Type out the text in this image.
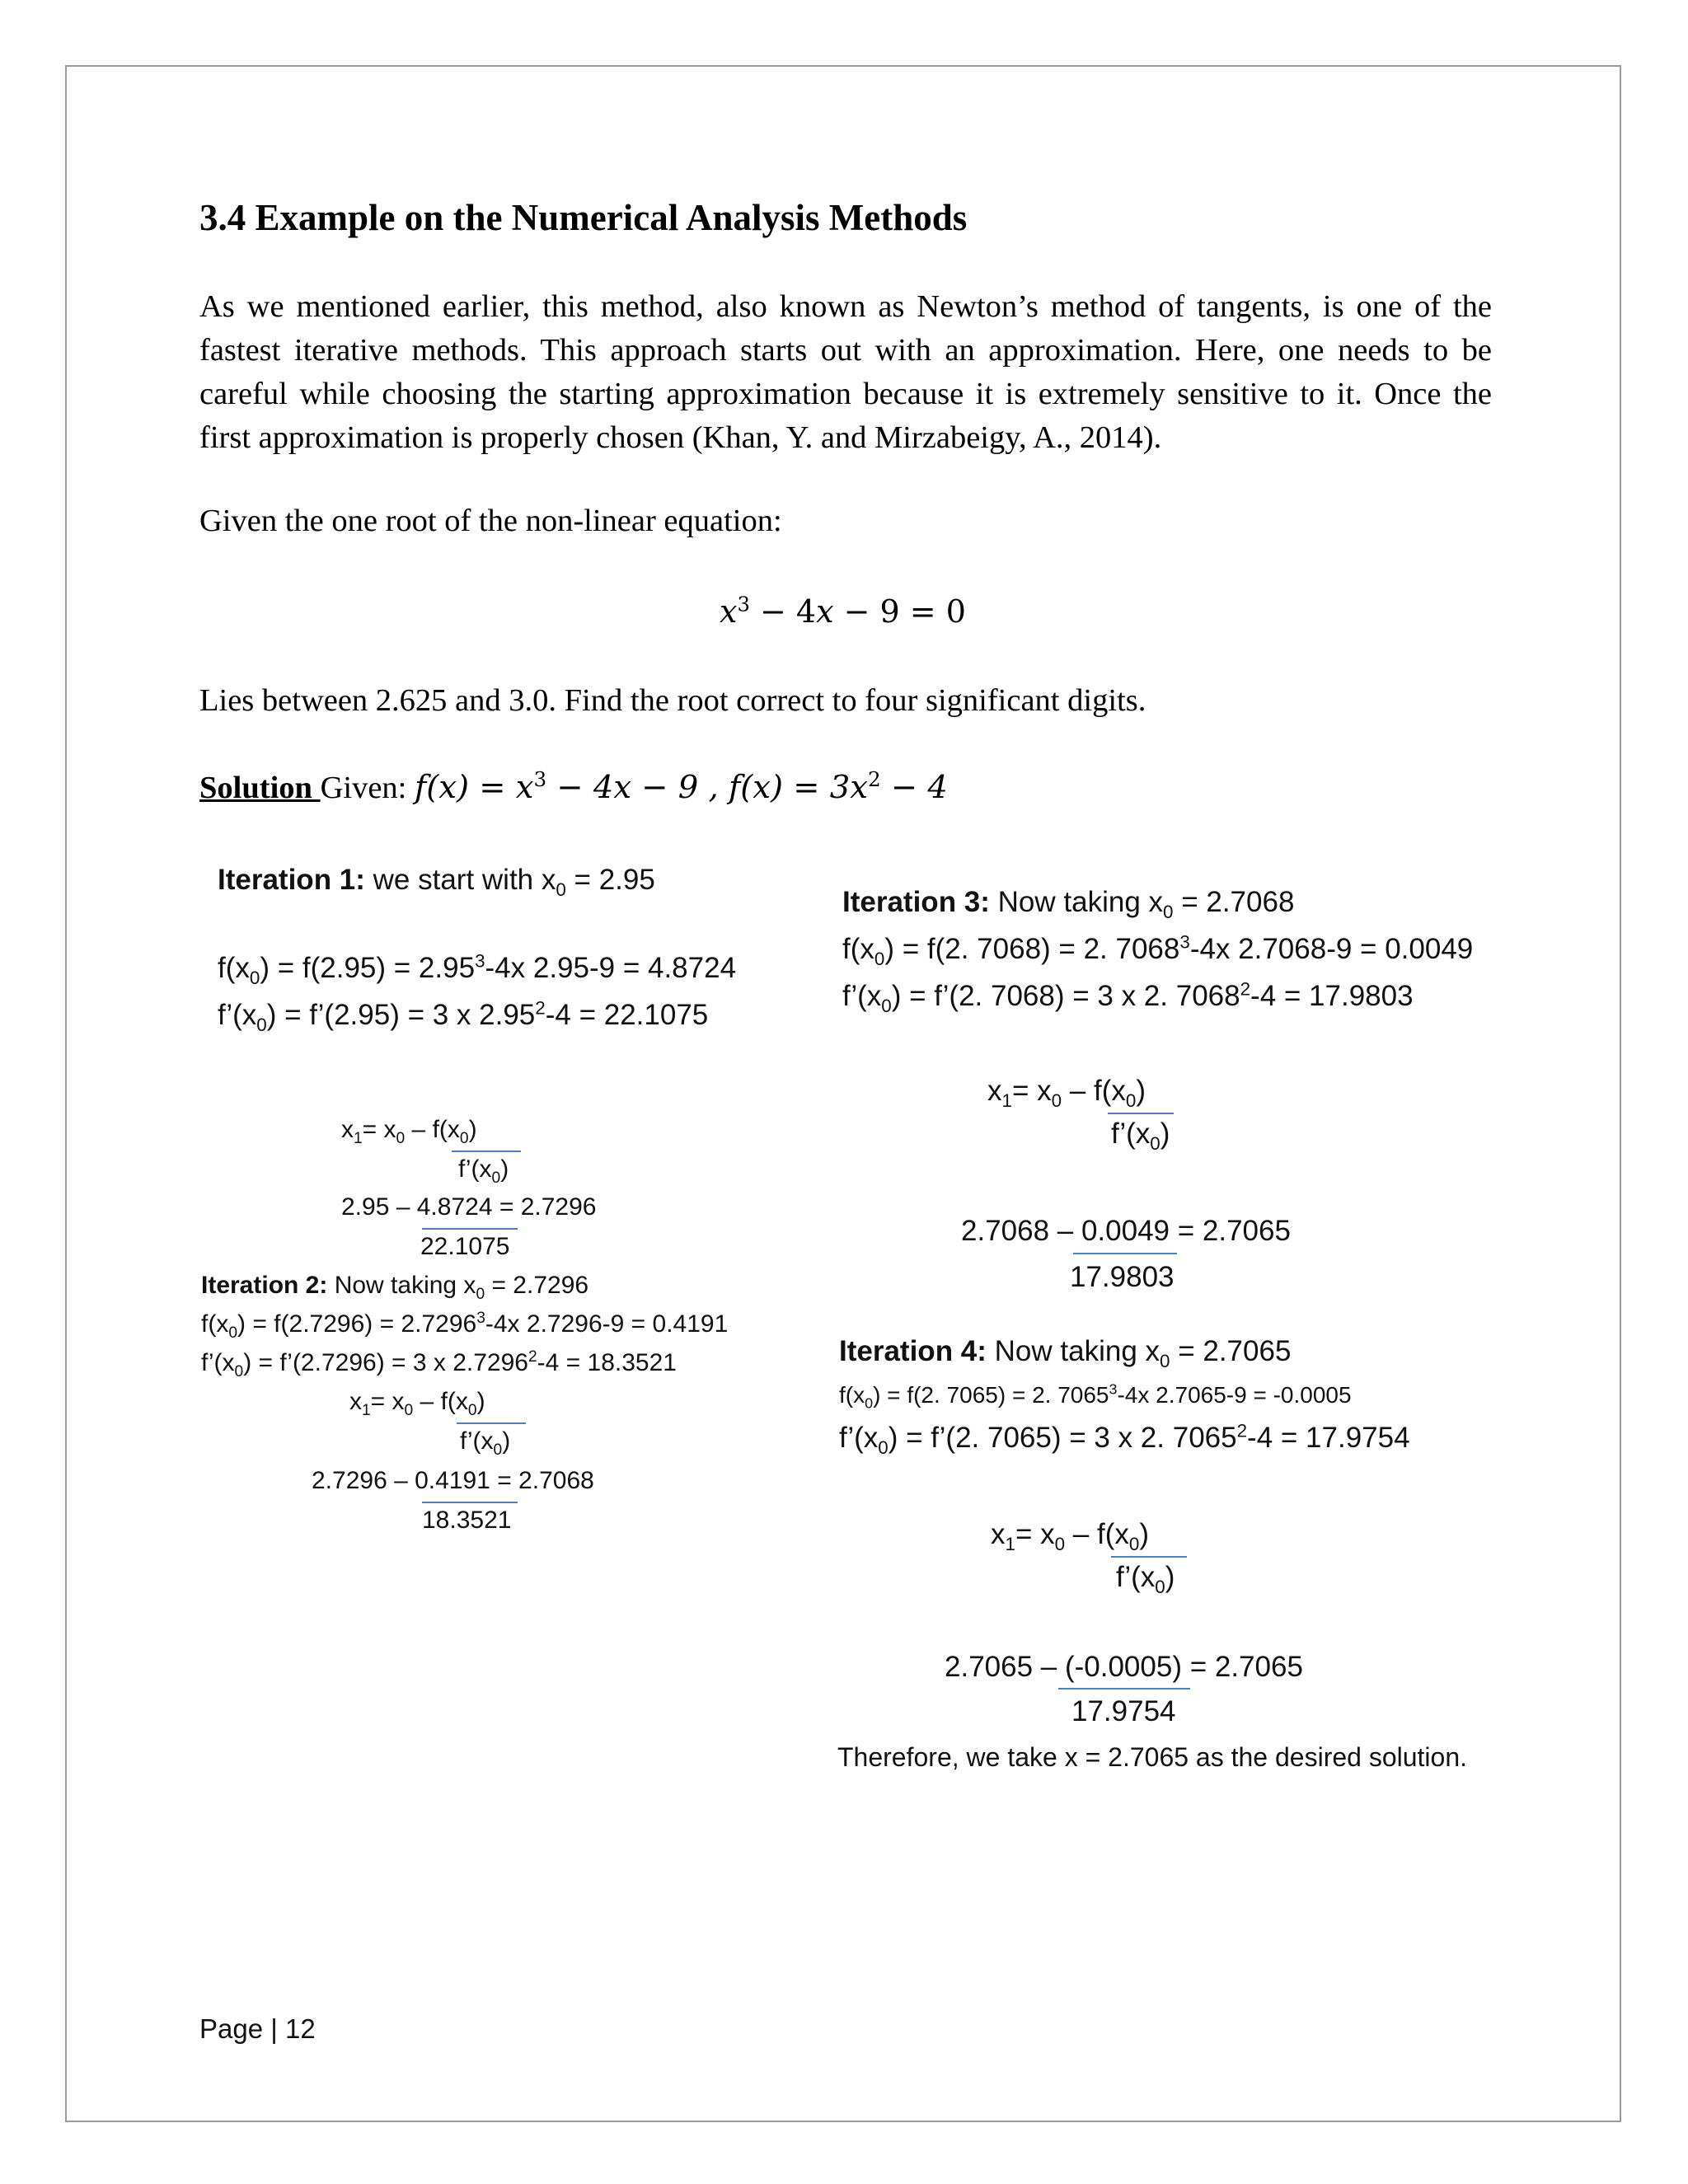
3.4 Example on the Numerical Analysis Methods

As we mentioned earlier, this method, also known as Newton’s method of tangents, is one of the
fastest iterative methods. This approach starts out with an approximation. Here, one needs to be
careful while choosing the starting approximation because it is extremely sensitive to it. Once the
first approximation is properly chosen (Khan, Y. and Mirzabeigy, A., 2014).

Given the one root of the non-linear equation:
$x^3 - 4x - 9 = 0$
Lies between 2.625 and 3.0. Find the root correct to four significant digits.
Solution Given: $f(x) = x^3 - 4x - 9$ , $f(x) = 3x^2 - 4$
Iteration 1: we start with $x_0 = 2.95$
$f(x_0) = f(2.95) = 2.95^3-4x$ 2.95-9 = 4.8724
$f’(x_0)$ = f’(2.95) = 3 x $2.95^2-4 = 22.1075$
$x_1= x_0 - f(x_0)$
$f’(x_0)$
2.95 – 4.8724 = 2.7296
22.1075
Iteration 2: Now taking $x_0 = 2.7296$
$f(x_0) = f(2.7296) = 2.7296^3-4x$ 2.7296-9 = 0.4191
$f’(x_0)$ = f’(2.7296) = 3 x $2.7296^2-4 = 18.3521$
$x_1= x_0 - f(x_0)$
$f’(x_0)$
2.7296 – 0.4191 = 2.7068
18.3521
Iteration 3: Now taking $x_0 = 2.7068$
$f(x_0) = f(2$. 7068) = 2. 7068$^3$-4x 2.7068-9 = 0.0049
$f’(x_0)$ = f’(2. 7068) = 3 x 2. $7068^2-4 = 17.9803$
$x_1= x_0 - f(x_0)$
$f’(x_0)$
2.7068 – 0.0049 = 2.7065
17.9803
Iteration 4: Now taking $x_0 = 2.7065$
$f(x_0) = f(2$. 7065) = 2. 7065$^3$-4x 2.7065-9 = -0.0005
$f’(x_0)$ = f’(2. 7065) = 3 x 2. $7065^2-4 = 17.9754$
$x_1= x_0 - f(x_0)$
$f’(x_0)$
2.7065 – (-0.0005) = 2.7065
17.9754
Therefore, we take x = 2.7065 as the desired solution.
Page | 12
